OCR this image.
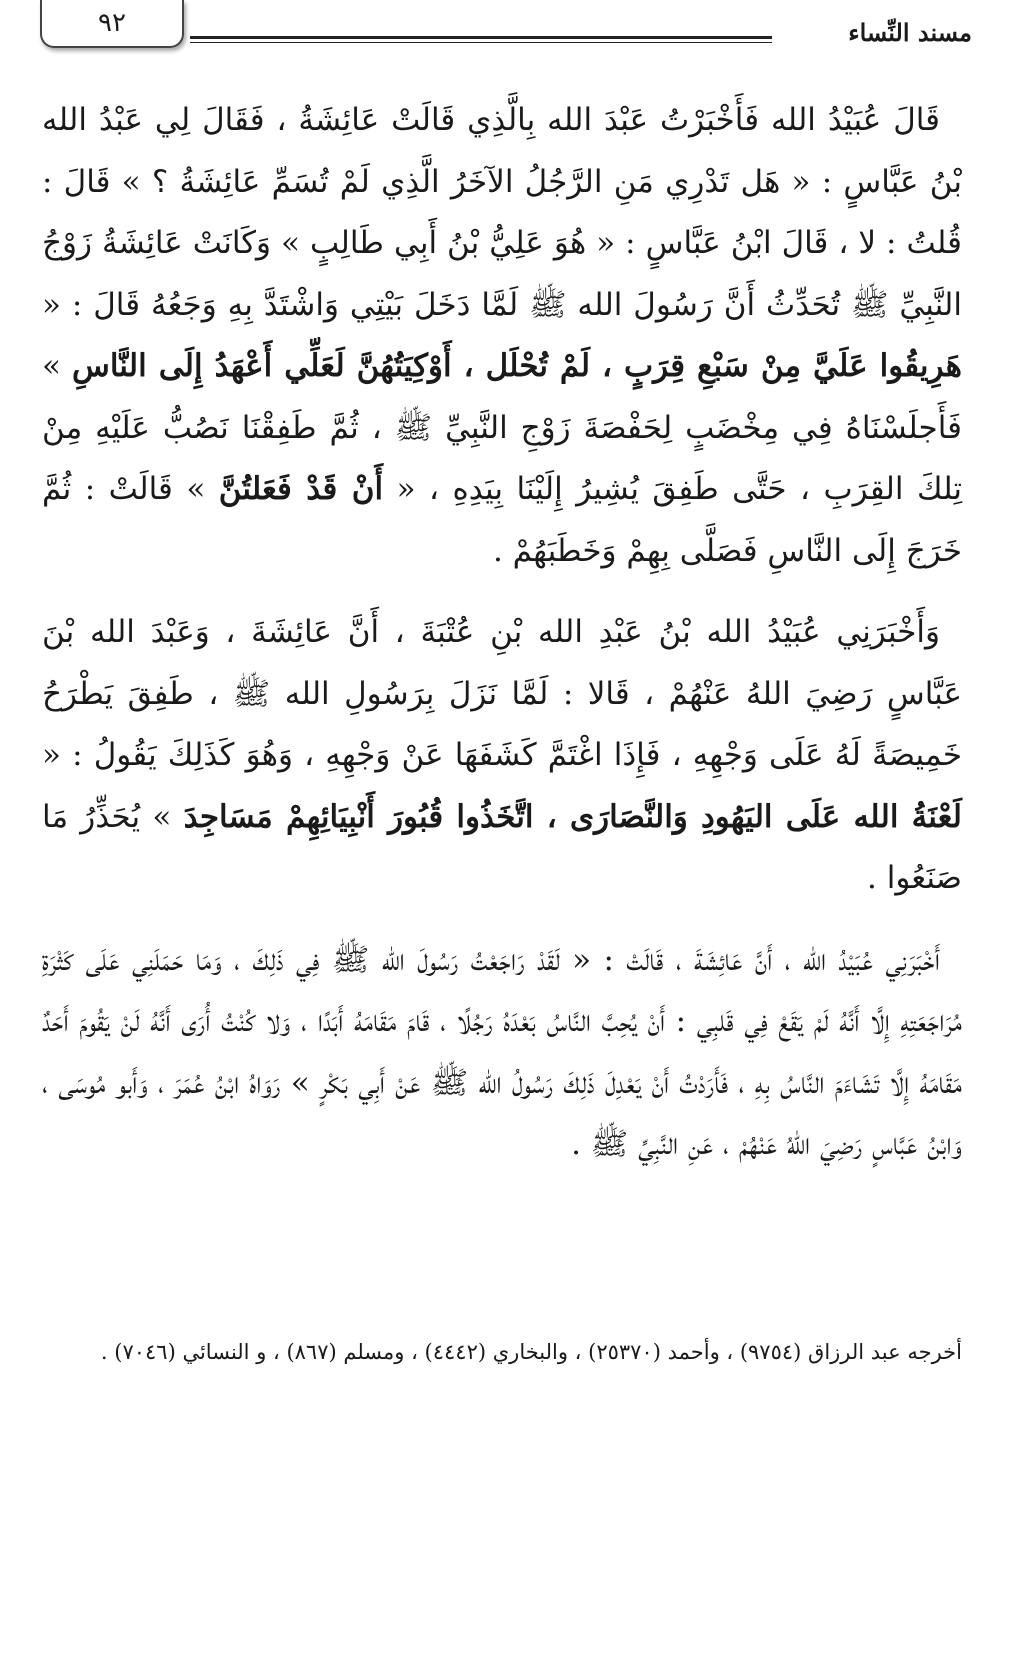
مسند النِّساء
٩٢

قَالَ عُبَيْدُ الله فَأَخْبَرْتُ عَبْدَ الله بِالَّذِي قَالَتْ عَائِشَةُ ، فَقَالَ لِي عَبْدُ الله بْنُ عَبَّاسٍ : « هَل تَدْرِي مَنِ الرَّجُلُ الآخَرُ الَّذِي لَمْ تُسَمِّ عَائِشَةُ ؟ » قَالَ : قُلتُ : لا ، قَالَ ابْنُ عَبَّاسٍ : « هُوَ عَلِيُّ بْنُ أَبِي طَالِبٍ » وَكَانَتْ عَائِشَةُ زَوْجُ النَّبِيِّ ﷺ تُحَدِّثُ أَنَّ رَسُولَ الله ﷺ لَمَّا دَخَلَ بَيْتِي وَاشْتَدَّ بِهِ وَجَعُهُ قَالَ : « هَرِيقُوا عَلَيَّ مِنْ سَبْعِ قِرَبٍ ، لَمْ تُحْلَل ، أَوْكِيَتُهُنَّ لَعَلِّي أَعْهَدُ إِلَى النَّاسِ » فَأَجلَسْنَاهُ فِي مِخْضَبٍ لِحَفْصَةَ زَوْجِ النَّبِيِّ ﷺ ، ثُمَّ طَفِقْنَا نَصُبُّ عَلَيْهِ مِنْ تِلكَ القِرَبِ ، حَتَّى طَفِقَ يُشِيرُ إِلَيْنَا بِيَدِهِ ، « أَنْ قَدْ فَعَلتُنَّ » قَالَتْ : ثُمَّ خَرَجَ إِلَى النَّاسِ فَصَلَّى بِهِمْ وَخَطَبَهُمْ .

وَأَخْبَرَنِي عُبَيْدُ الله بْنُ عَبْدِ الله بْنِ عُتْبَةَ ، أَنَّ عَائِشَةَ ، وَعَبْدَ الله بْنَ عَبَّاسٍ رَضِيَ اللهُ عَنْهُمْ ، قَالا : لَمَّا نَزَلَ بِرَسُولِ الله ﷺ ، طَفِقَ يَطْرَحُ خَمِيصَةً لَهُ عَلَى وَجْهِهِ ، فَإِذَا اغْتَمَّ كَشَفَهَا عَنْ وَجْهِهِ ، وَهُوَ كَذَلِكَ يَقُولُ : « لَعْنَةُ الله عَلَى اليَهُودِ وَالنَّصَارَى ، اتَّخَذُوا قُبُورَ أَنْبِيَائِهِمْ مَسَاجِدَ » يُحَذِّرُ مَا صَنَعُوا .

أَخْبَرَنِي عُبَيْدُ الله ، أَنَّ عَائِشَةَ ، قَالَتْ : « لَقَدْ رَاجَعْتُ رَسُولَ الله ﷺ فِي ذَلِكَ ، وَمَا حَمَلَنِي عَلَى كَثْرَةِ مُرَاجَعَتِهِ إِلَّا أَنَّهُ لَمْ يَقَعْ فِي قَلبِي : أَنْ يُحِبَّ النَّاسُ بَعْدَهُ رَجُلًا ، قَامَ مَقَامَهُ أَبَدًا ، وَلا كُنْتُ أُرَى أَنَّهُ لَنْ يَقُومَ أَحَدٌ مَقَامَهُ إِلَّا تَشَاءَمَ النَّاسُ بِهِ ، فَأَرَدْتُ أَنْ يَعْدِلَ ذَلِكَ رَسُولُ الله ﷺ عَنْ أَبِي بَكْرٍ » رَوَاهُ ابْنُ عُمَرَ ، وَأَبو مُوسَى ، وَابْنُ عَبَّاسٍ رَضِيَ اللهُ عَنْهُمْ ، عَنِ النَّبِيِّ ﷺ .

أخرجه عبد الرزاق (٩٧٥٤) ، وأحمد (٢٥٣٧٠) ، والبخاري (٤٤٤٢) ، ومسلم (٨٦٧) ، و النسائي (٧٠٤٦) .
